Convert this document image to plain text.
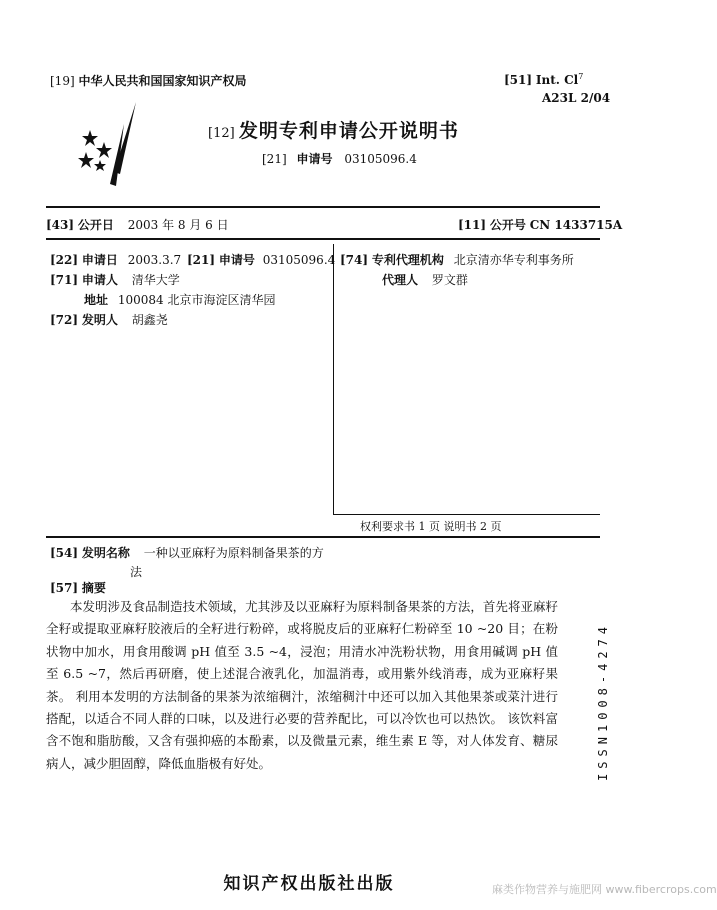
[19] 中华人民共和国国家知识产权局	[51] Int. Cl$^7$
A23L 2/04
[12] 发明专利申请公开说明书
[21] 申请号 03105096.4
[43] 公开日 2003 年 8 月 6 日	[11] 公开号 CN 1433715A
[22] 申请日 2003.3.7 [21] 申请号 03105096.4
[71] 申请人 清华大学
地址 100084 北京市海淀区清华园
[72] 发明人 胡鑫尧
[74] 专利代理机构 北京清亦华专利事务所
代理人 罗文群
权利要求书 1 页 说明书 2 页
[54] 发明名称 一种以亚麻籽为原料制备果茶的方
法
[57] 摘要
本发明涉及食品制造技术领域，尤其涉及以亚麻籽为原料制备果茶的方法，首先将亚麻籽全籽或提取亚麻籽胶液后的全籽进行粉碎，或将脱皮后的亚麻籽仁粉碎至 10 ~20 目；在粉状物中加水，用食用酸调 pH 值至 3.5 ~4，浸泡；用清水冲洗粉状物，用食用碱调 pH 值至 6.5 ~7，然后再研磨，使上述混合液乳化，加温消毒，或用紫外线消毒，成为亚麻籽果茶。 利用本发明的方法制备的果茶为浓缩稠汁，浓缩稠汁中还可以加入其他果茶或菜汁进行搭配，以适合不同人群的口味，以及进行必要的营养配比，可以冷饮也可以热饮。 该饮料富含不饱和脂肪酸，又含有强抑癌的本酚素，以及微量元素，维生素 E 等，对人体发育、糖尿病人，减少胆固醇，降低血脂极有好处。	ISSN1008-4274
知识产权出版社出版	麻类作物营养与施肥网 www.fibercrops.com
